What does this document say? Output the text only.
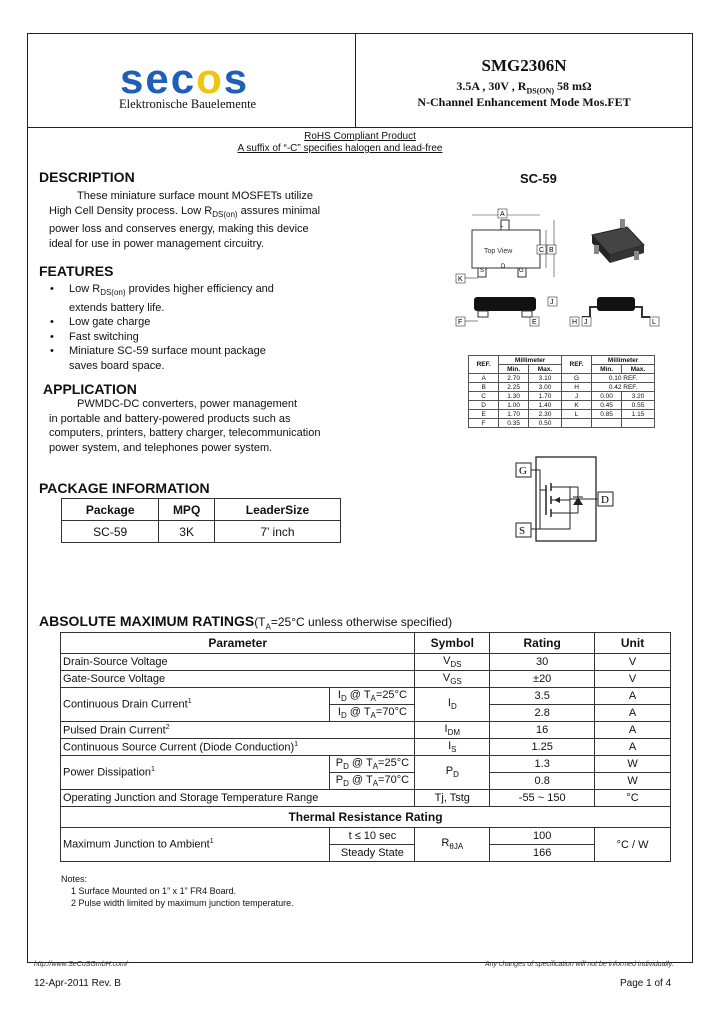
secos
Elektronische Bauelemente
SMG2306N
3.5A , 30V , $R_{DS(ON)}$ 58 mΩ
N-Channel Enhancement Mode Mos.FET
RoHS Compliant Product
A suffix of “-C” specifies halogen and lead-free
DESCRIPTION
These miniature surface mount MOSFETs utilize
High Cell Density process. Low $R_{DS(on)}$ assures minimal
power loss and conserves energy, making this device
ideal for use in power management circuitry.
FEATURES
• Low $R_{DS(on)}$ provides higher efficiency and
extends battery life.
• Low gate charge
• Fast switching
• Miniature SC-59 surface mount package
saves board space.
APPLICATION
PWMDC-DC converters, power management
in portable and battery-powered products such as
computers, printers, battery charger, telecommunication
power system, and telephones power system.
PACKAGE INFORMATION
Package	MPQ	LeaderSize
SC-59	3K	7’ inch
SC-59
Top View
A
L
C B
K
S	G
D
F	E
J
H J	L
REF.	Millimeter		REF.	Millimeter	
	Min.	Max.		Min.	Max.
A	2.70	3.10	G	0.10 REF.	
B	2.25	3.00	H	0.42 REF.	
C	1.30	1.70	J	0.00	3.20
D	1.00	1.40	K	0.45	0.55
E	1.70	2.30	L	0.85	1.15
F	0.35	0.50			
G
D
S
ABSOLUTE MAXIMUM $RATINGS(T_A=25^\circ C$ unless otherwise specified)
Parameter		Symbol	Rating	Unit
Drain-Source Voltage		$V_{DS}$	30	V
Gate-Source Voltage		$V_{GS}$	±20	V
Continuous Drain Current$^1$	$I_D$ @ $T_A=25^\circ C$	$I_D$	3.5	A
	$I_D$ @ $T_A=70^\circ C$		2.8	A
Pulsed Drain Current$^2$		$I_{DM}$	16	A
Continuous Source Current (Diode Conduction)$^1$		$I_S$	1.25	A
Power Dissipation$^1$	$P_D$ @ $T_A=25^\circ C$	$P_D$	1.3	W
	$P_D$ @ $T_A=70^\circ C$		0.8	W
Operating Junction and Storage Temperature Range		Tj, Tstg	-55 ~ 150	°C
Thermal Resistance Rating				
Maximum Junction to Ambient$^1$	t ≤ 10 sec	$R_{\theta JA}$	100	°C / W
	Steady State		166	
Notes:
1 Surface Mounted on 1” x 1” FR4 Board.
2 Pulse width limited by maximum junction temperature.
http://www.SeCoSGmbH.com/	Any changes of specification will not be informed individually.
12-Apr-2011 Rev. B	Page 1 of 4
